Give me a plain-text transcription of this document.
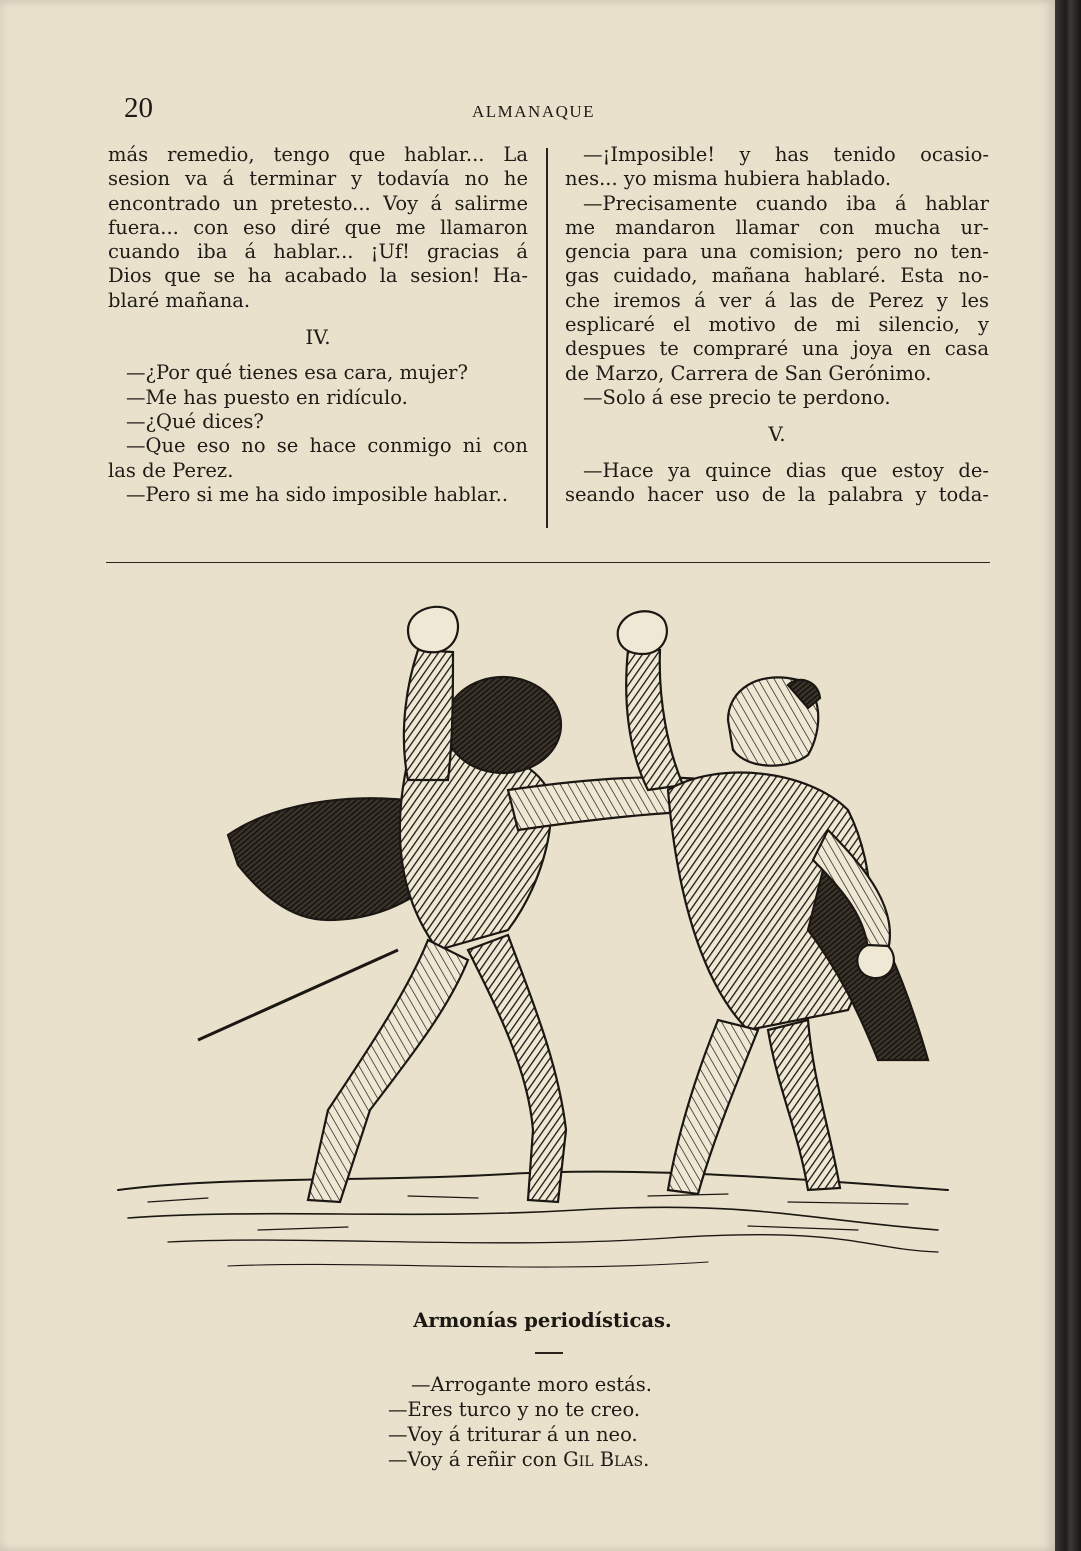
20	ALMANAQUE
más remedio, tengo que hablar... La
sesion va á terminar y todavía no he
encontrado un pretesto... Voy á salirme
fuera... con eso diré que me llamaron
cuando iba á hablar... ¡Uf! gracias á
Dios que se ha acabado la sesion! Ha-
blaré mañana.
IV.
—¿Por qué tienes esa cara, mujer?
—Me has puesto en ridículo.
—¿Qué dices?
—Que eso no se hace conmigo ni con
las de Perez.
—Pero si me ha sido imposible hablar..
—¡Imposible! y has tenido ocasio-
nes... yo misma hubiera hablado.
—Precisamente cuando iba á hablar
me mandaron llamar con mucha ur-
gencia para una comision; pero no ten-
gas cuidado, mañana hablaré. Esta no-
che iremos á ver á las de Perez y les
esplicaré el motivo de mi silencio, y
despues te compraré una joya en casa
de Marzo, Carrera de San Gerónimo.
—Solo á ese precio te perdono.
V.
—Hace ya quince dias que estoy de-
seando hacer uso de la palabra y toda-
Armonías periodísticas.
—Arrogante moro estás.
—Eres turco y no te creo.
—Voy á triturar á un neo.
—Voy á reñir con Gil Blas.
